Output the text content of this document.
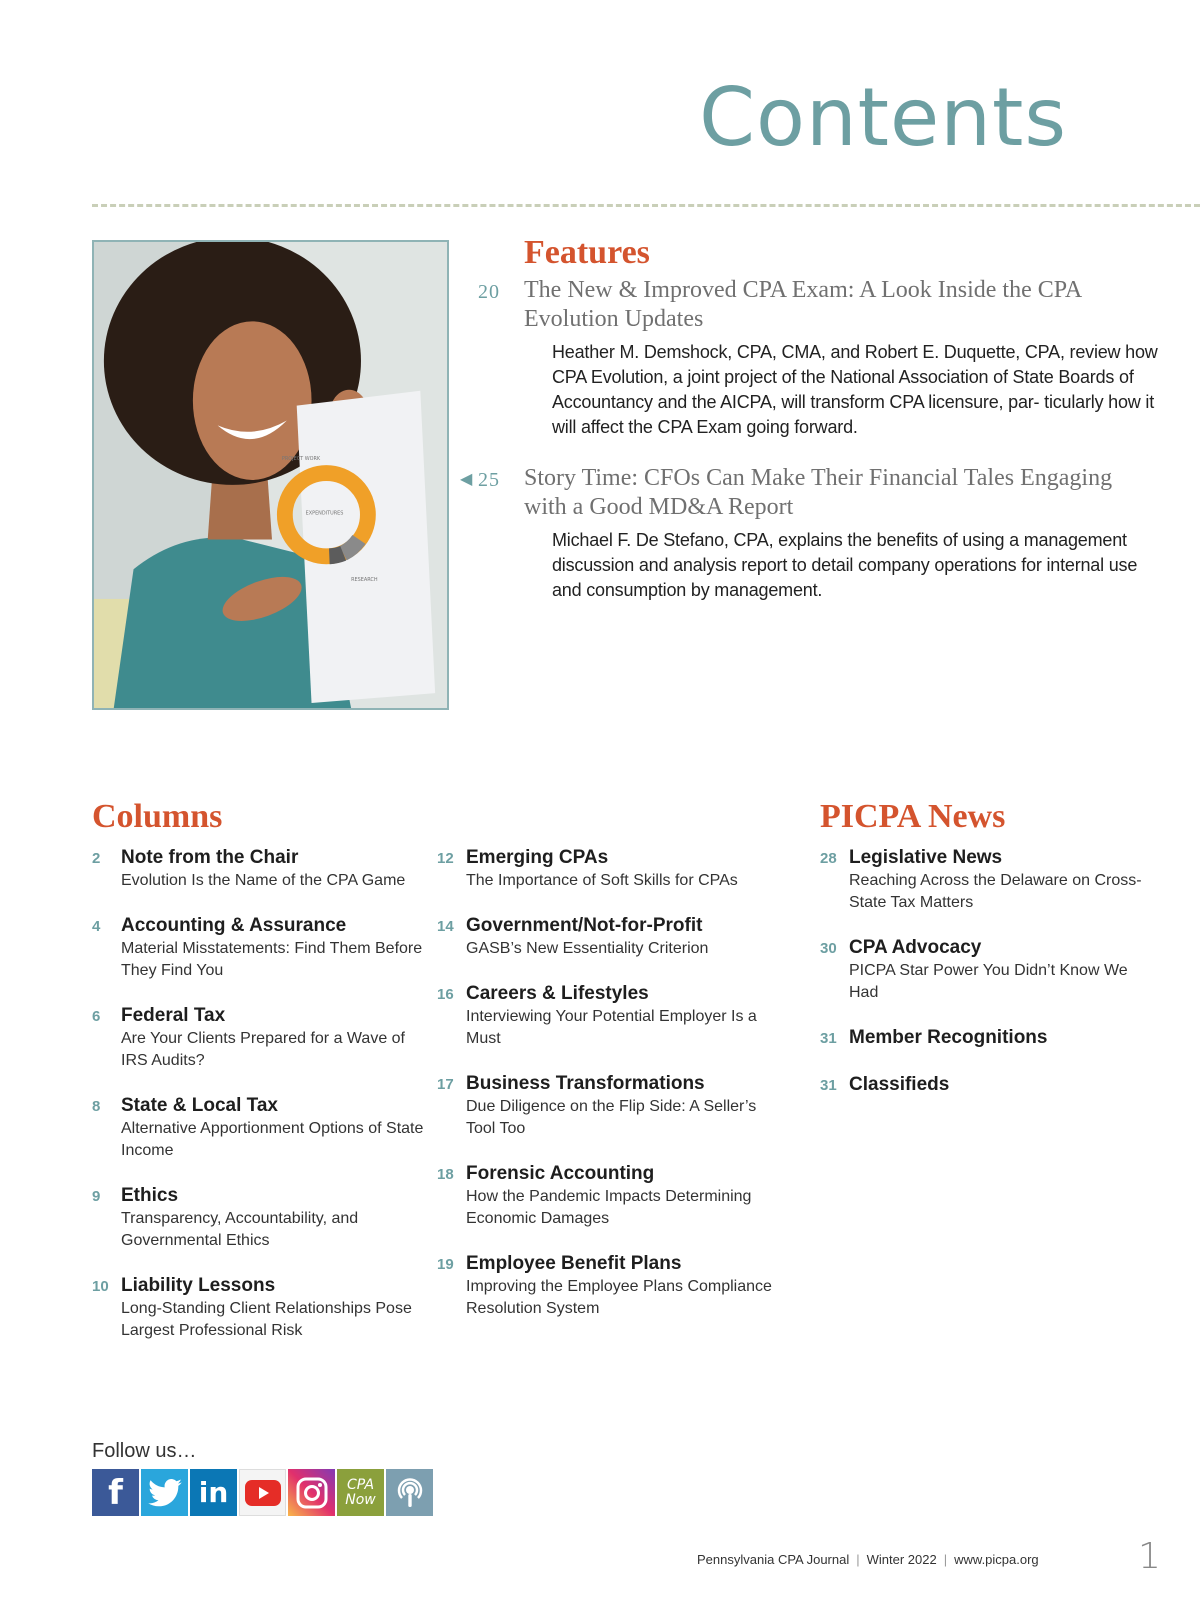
Contents
PROJECT WORK
EXPENDITURES
RESEARCH
Features
20	The New & Improved CPA Exam: A Look Inside the CPA Evolution Updates

Heather M. Demshock, CPA, CMA, and Robert E. Duquette, CPA, review how CPA Evolution, a joint project of the National Association of State Boards of Accountancy and the AICPA, will transform CPA licensure, par- ticularly how it will affect the CPA Exam going forward.

◀ 25	Story Time: CFOs Can Make Their Financial Tales Engaging with a Good MD&A Report

Michael F. De Stefano, CPA, explains the benefits of using a management discussion and analysis report to detail company operations for internal use and consumption by management.

Columns	PICPA News
2	Note from the Chair
Evolution Is the Name of the CPA Game
4	Accounting & Assurance
Material Misstatements: Find Them Before They Find You
6	Federal Tax
Are Your Clients Prepared for a Wave of IRS Audits?
8	State & Local Tax
Alternative Apportionment Options of State Income
9	Ethics
Transparency, Accountability, and Governmental Ethics
10 Liability Lessons
Long-Standing Client Relationships Pose Largest Professional Risk
12 Emerging CPAs
The Importance of Soft Skills for CPAs
14 Government/Not-for-Profit
GASB’s New Essentiality Criterion
16 Careers & Lifestyles
Interviewing Your Potential Employer Is a Must
17 Business Transformations
Due Diligence on the Flip Side: A Seller’s Tool Too
18 Forensic Accounting
How the Pandemic Impacts Determining Economic Damages
19 Employee Benefit Plans
Improving the Employee Plans Compliance Resolution System
28 Legislative News
Reaching Across the Delaware on Cross-State Tax Matters
30 CPA Advocacy
PICPA Star Power You Didn’t Know We Had
31 Member Recognitions
31 Classifieds
Follow us…
f	in	CPA
Now
Pennsylvania CPA Journal | Winter 2022 | www.picpa.org	1
